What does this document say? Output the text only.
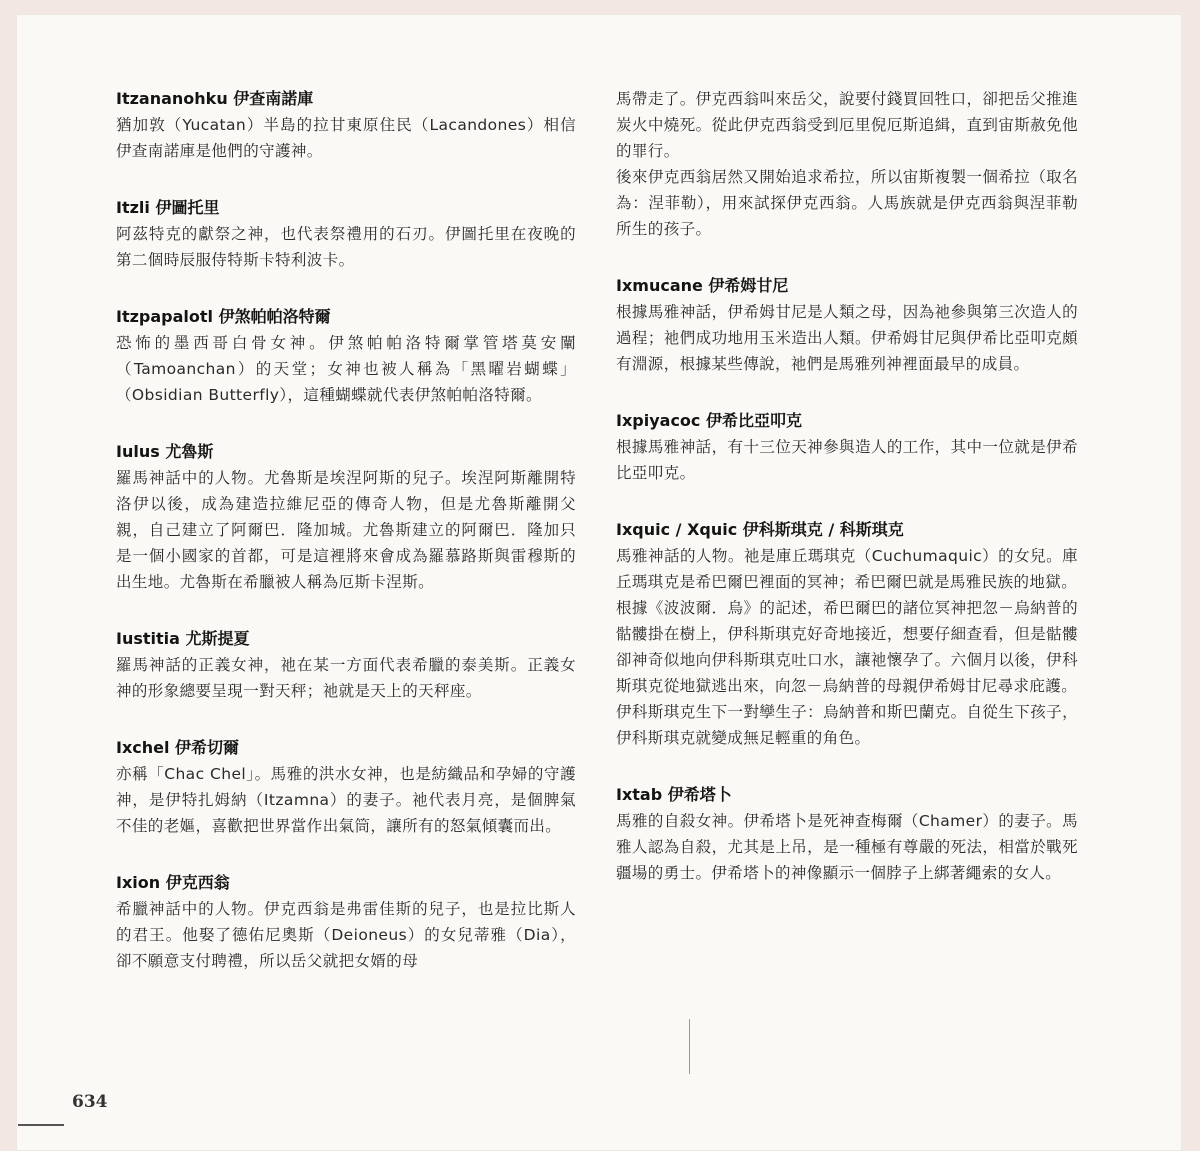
Itzananohku 伊查南諾庫

猶加敦（Yucatan）半島的拉甘東原住民（Lacandones）相信伊查南諾庫是他們的守護神。

Itzli 伊圖托里

阿茲特克的獻祭之神，也代表祭禮用的石刃。伊圖托里在夜晚的第二個時辰服侍特斯卡特利波卡。

Itzpapalotl 伊煞帕帕洛特爾

恐怖的墨西哥白骨女神。伊煞帕帕洛特爾掌管塔莫安闡（Tamoanchan）的天堂；女神也被人稱為「黑曜岩蝴蝶」（Obsidian Butterfly），這種蝴蝶就代表伊煞帕帕洛特爾。

Iulus 尤魯斯

羅馬神話中的人物。尤魯斯是埃涅阿斯的兒子。埃涅阿斯離開特洛伊以後，成為建造拉維尼亞的傳奇人物，但是尤魯斯離開父親，自己建立了阿爾巴．隆加城。尤魯斯建立的阿爾巴．隆加只是一個小國家的首都，可是這裡將來會成為羅慕路斯與雷穆斯的出生地。尤魯斯在希臘被人稱為厄斯卡涅斯。

Iustitia 尤斯提夏

羅馬神話的正義女神，祂在某一方面代表希臘的泰美斯。正義女神的形象總要呈現一對天秤；祂就是天上的天秤座。

Ixchel 伊希切爾

亦稱「Chac Chel」。馬雅的洪水女神，也是紡織品和孕婦的守護神，是伊特扎姆納（Itzamna）的妻子。祂代表月亮，是個脾氣不佳的老嫗，喜歡把世界當作出氣筒，讓所有的怒氣傾囊而出。

Ixion 伊克西翁

希臘神話中的人物。伊克西翁是弗雷佳斯的兒子，也是拉比斯人的君王。他娶了德佑尼奧斯（Deioneus）的女兒蒂雅（Dia），卻不願意支付聘禮，所以岳父就把女婿的母

馬帶走了。伊克西翁叫來岳父，說要付錢買回牲口，卻把岳父推進炭火中燒死。從此伊克西翁受到厄里倪厄斯追緝，直到宙斯赦免他的罪行。

後來伊克西翁居然又開始追求希拉，所以宙斯複製一個希拉（取名為：涅菲勒），用來試探伊克西翁。人馬族就是伊克西翁與涅菲勒所生的孩子。

Ixmucane 伊希姆甘尼

根據馬雅神話，伊希姆甘尼是人類之母，因為祂參與第三次造人的過程；祂們成功地用玉米造出人類。伊希姆甘尼與伊希比亞叩克頗有淵源，根據某些傳說，祂們是馬雅列神裡面最早的成員。

Ixpiyacoc 伊希比亞叩克

根據馬雅神話，有十三位天神參與造人的工作，其中一位就是伊希比亞叩克。

Ixquic / Xquic 伊科斯琪克 / 科斯琪克

馬雅神話的人物。祂是庫丘瑪琪克（Cuchumaquic）的女兒。庫丘瑪琪克是希巴爾巴裡面的冥神；希巴爾巴就是馬雅民族的地獄。

根據《波波爾．烏》的記述，希巴爾巴的諸位冥神把忽－烏納普的骷髏掛在樹上，伊科斯琪克好奇地接近，想要仔細查看，但是骷髏卻神奇似地向伊科斯琪克吐口水，讓祂懷孕了。六個月以後，伊科斯琪克從地獄逃出來，向忽－烏納普的母親伊希姆甘尼尋求庇護。

伊科斯琪克生下一對孿生子：烏納普和斯巴蘭克。自從生下孩子，伊科斯琪克就變成無足輕重的角色。

Ixtab 伊希塔卜

馬雅的自殺女神。伊希塔卜是死神查梅爾（Chamer）的妻子。馬雅人認為自殺，尤其是上吊，是一種極有尊嚴的死法，相當於戰死疆場的勇士。伊希塔卜的神像顯示一個脖子上綁著繩索的女人。

634
